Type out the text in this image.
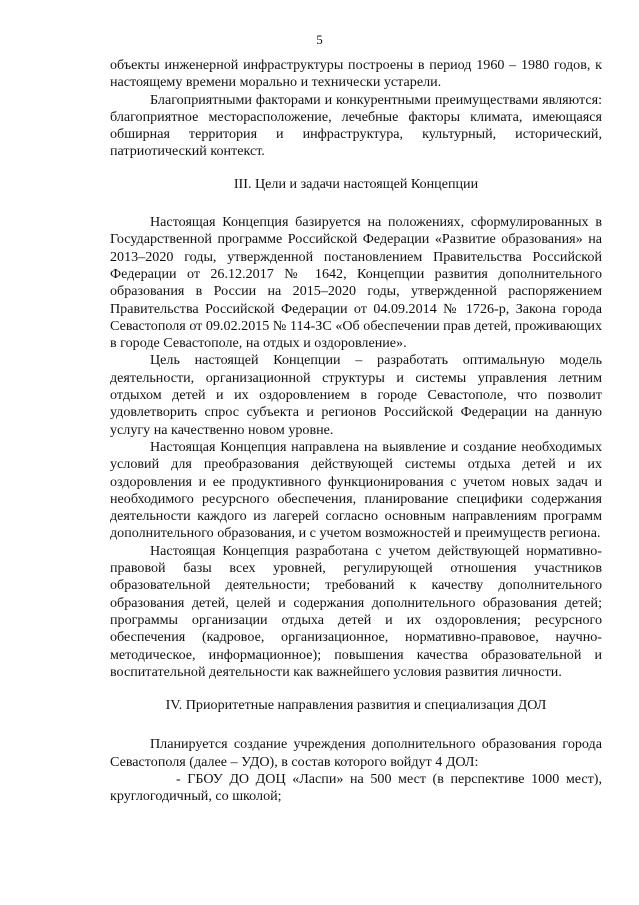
5

объекты инженерной инфраструктуры построены в период 1960 – 1980 годов, к настоящему времени морально и технически устарели.

Благоприятными факторами и конкурентными преимуществами являются: благоприятное месторасположение, лечебные факторы климата, имеющаяся обширная территория и инфраструктура, культурный, исторический, патриотический контекст.

III. Цели и задачи настоящей Концепции

Настоящая Концепция базируется на положениях, сформулированных в Государственной программе Российской Федерации «Развитие образования» на 2013–2020 годы, утвержденной постановлением Правительства Российской Федерации от 26.12.2017 № 1642, Концепции развития дополнительного образования в России на 2015–2020 годы, утвержденной распоряжением Правительства Российской Федерации от 04.09.2014 № 1726-р, Закона города Севастополя от 09.02.2015 № 114-ЗС «Об обеспечении прав детей, проживающих в городе Севастополе, на отдых и оздоровление».

Цель настоящей Концепции – разработать оптимальную модель деятельности, организационной структуры и системы управления летним отдыхом детей и их оздоровлением в городе Севастополе, что позволит удовлетворить спрос субъекта и регионов Российской Федерации на данную услугу на качественно новом уровне.

Настоящая Концепция направлена на выявление и создание необходимых условий для преобразования действующей системы отдыха детей и их оздоровления и ее продуктивного функционирования с учетом новых задач и необходимого ресурсного обеспечения, планирование специфики содержания деятельности каждого из лагерей согласно основным направлениям программ дополнительного образования, и с учетом возможностей и преимуществ региона.

Настоящая Концепция разработана с учетом действующей нормативно-правовой базы всех уровней, регулирующей отношения участников образовательной деятельности; требований к качеству дополнительного образования детей, целей и содержания дополнительного образования детей; программы организации отдыха детей и их оздоровления; ресурсного обеспечения (кадровое, организационное, нормативно-правовое, научно-методическое, информационное); повышения качества образовательной и воспитательной деятельности как важнейшего условия развития личности.

IV. Приоритетные направления развития и специализация ДОЛ

Планируется создание учреждения дополнительного образования города Севастополя (далее – УДО), в состав которого войдут 4 ДОЛ:

- ГБОУ ДО ДОЦ «Ласпи» на 500 мест (в перспективе 1000 мест), круглогодичный, со школой;
